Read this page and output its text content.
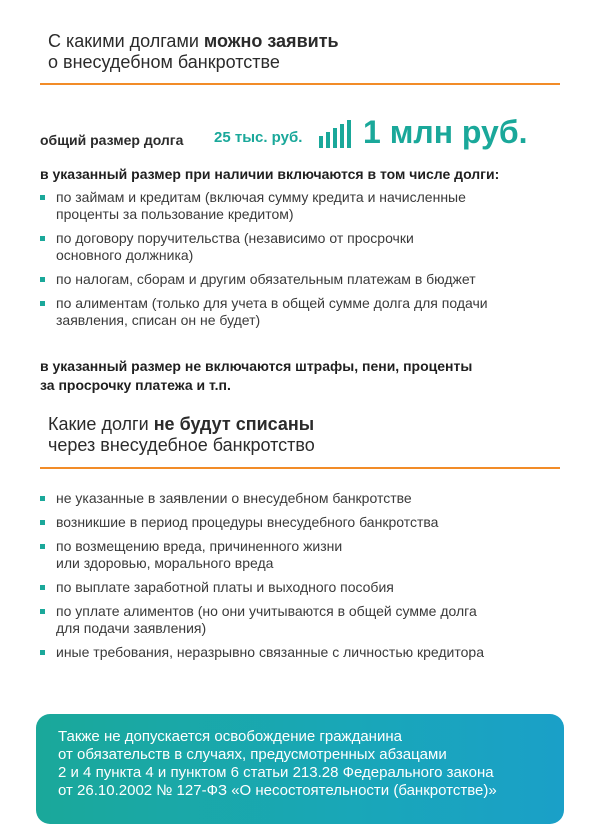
С какими долгами можно заявить
о внесудебном банкротстве
общий размер долга 25 тыс. руб. 1 млн руб.
в указанный размер при наличии включаются в том числе долги:
по займам и кредитам (включая сумму кредита и начисленные
проценты за пользование кредитом)
по договору поручительства (независимо от просрочки
основного должника)
по налогам, сборам и другим обязательным платежам в бюджет
по алиментам (только для учета в общей сумме долга для подачи
заявления, списан он не будет)
в указанный размер не включаются штрафы, пени, проценты
за просрочку платежа и т.п.
Какие долги не будут списаны
через внесудебное банкротство
не указанные в заявлении о внесудебном банкротстве
возникшие в период процедуры внесудебного банкротства
по возмещению вреда, причиненного жизни
или здоровью, морального вреда
по выплате заработной платы и выходного пособия
по уплате алиментов (но они учитываются в общей сумме долга
для подачи заявления)
иные требования, неразрывно связанные с личностью кредитора
Также не допускается освобождение гражданина
от обязательств в случаях, предусмотренных абзацами
2 и 4 пункта 4 и пунктом 6 статьи 213.28 Федерального закона
от 26.10.2002 № 127-ФЗ «О несостоятельности (банкротстве)»
